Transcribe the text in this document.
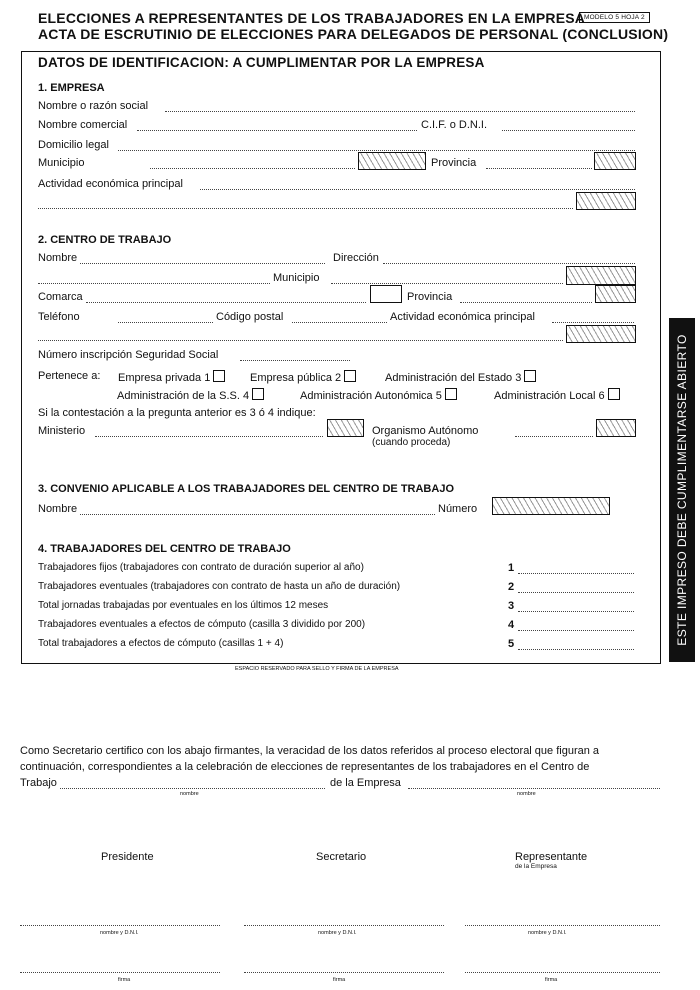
ELECCIONES A REPRESENTANTES DE LOS TRABAJADORES EN LA EMPRESA
ACTA DE ESCRUTINIO DE ELECCIONES PARA DELEGADOS DE PERSONAL (CONCLUSION)
MODELO 5 HOJA 2
DATOS DE IDENTIFICACION: A CUMPLIMENTAR POR LA EMPRESA
1. EMPRESA
Nombre o razón social
Nombre comercial	C.I.F. o D.N.I.
Domicilio legal
Municipio	Provincia
Actividad económica principal
2. CENTRO DE TRABAJO
Nombre	Dirección
Municipio
Comarca	Provincia
Teléfono	Código postal	Actividad económica principal
Número inscripción Seguridad Social
Pertenece a: Empresa privada 1	Empresa pública 2	Administración del Estado 3
Administración de la S.S. 4	Administración Autonómica 5	Administración Local 6
Si la contestación a la pregunta anterior es 3 ó 4 indique:
Ministerio	Organismo Autónomo
(cuando proceda)
3. CONVENIO APLICABLE A LOS TRABAJADORES DEL CENTRO DE TRABAJO
Nombre	Número
4. TRABAJADORES DEL CENTRO DE TRABAJO
Trabajadores fijos (trabajadores con contrato de duración superior al año)	1
Trabajadores eventuales (trabajadores con contrato de hasta un año de duración)	2
Total jornadas trabajadas por eventuales en los últimos 12 meses	3
Trabajadores eventuales a efectos de cómputo (casilla 3 dividido por 200)	4
Total trabajadores a efectos de cómputo (casillas 1 + 4)	5
ESPACIO RESERVADO PARA SELLO Y FIRMA DE LA EMPRESA
ESTE IMPRESO DEBE CUMPLIMENTARSE ABIERTO
Como Secretario certifico con los abajo firmantes, la veracidad de los datos referidos al proceso electoral que figuran a
continuación, correspondientes a la celebración de elecciones de representantes de los trabajadores en el Centro de
Trabajo	de la Empresa
nombre	nombre
Presidente	Secretario	Representante
de la Empresa
nombre y D.N.I.	nombre y D.N.I.	nombre y D.N.I.
firma	firma	firma
